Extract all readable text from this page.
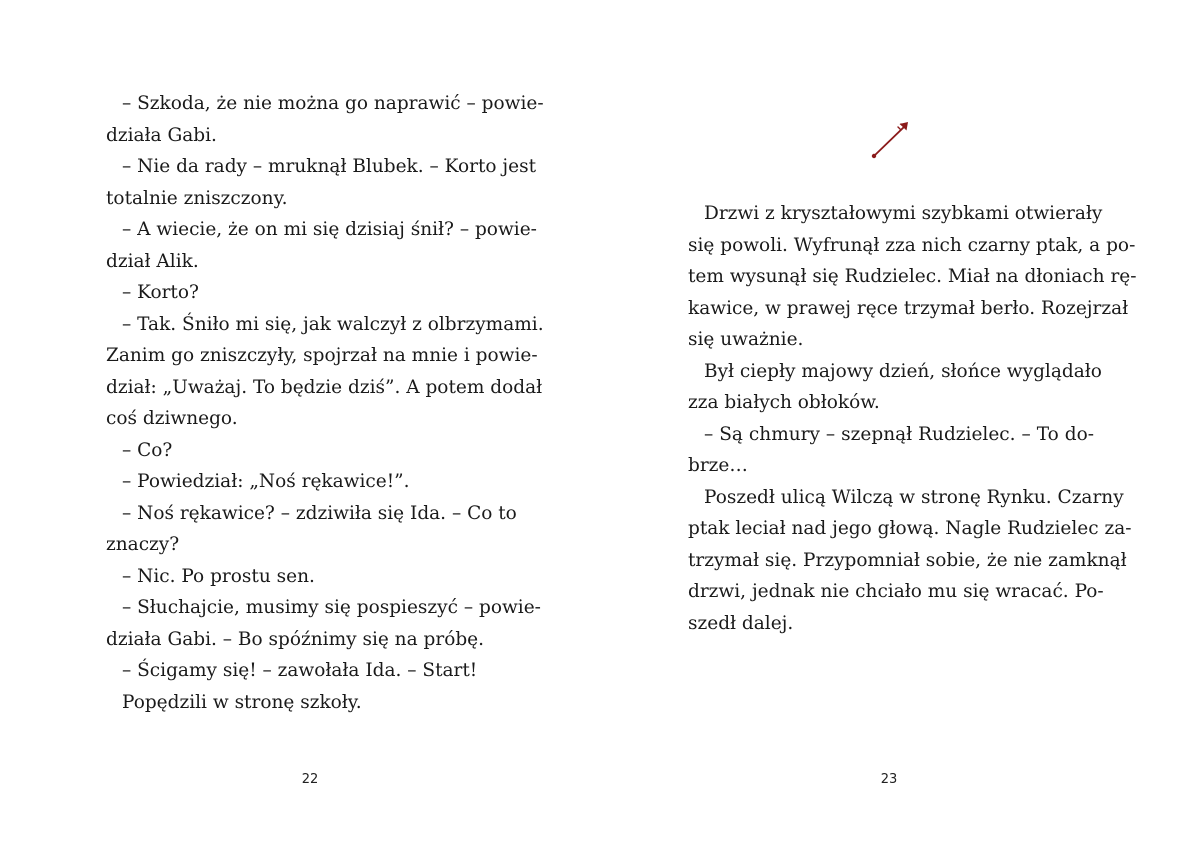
– Szkoda, że nie można go naprawić – powie-
działa Gabi.
– Nie da rady – mruknął Blubek. – Korto jest
totalnie zniszczony.
– A wiecie, że on mi się dzisiaj śnił? – powie-
dział Alik.
– Korto?
– Tak. Śniło mi się, jak walczył z olbrzymami.
Zanim go zniszczyły, spojrzał na mnie i powie-
dział: „Uważaj. To będzie dziś”. A potem dodał
coś dziwnego.
– Co?
– Powiedział: „Noś rękawice!”.
– Noś rękawice? – zdziwiła się Ida. – Co to
znaczy?
– Nic. Po prostu sen.
– Słuchajcie, musimy się pospieszyć – powie-
działa Gabi. – Bo spóźnimy się na próbę.
– Ścigamy się! – zawołała Ida. – Start!
Popędzili w stronę szkoły.
22
Drzwi z kryształowymi szybkami otwierały
się powoli. Wyfrunął zza nich czarny ptak, a po-
tem wysunął się Rudzielec. Miał na dłoniach rę-
kawice, w prawej ręce trzymał berło. Rozejrzał
się uważnie.
Był ciepły majowy dzień, słońce wyglądało
zza białych obłoków.
– Są chmury – szepnął Rudzielec. – To do-
brze…
Poszedł ulicą Wilczą w stronę Rynku. Czarny
ptak leciał nad jego głową. Nagle Rudzielec za-
trzymał się. Przypomniał sobie, że nie zamknął
drzwi, jednak nie chciało mu się wracać. Po-
szedł dalej.
23
